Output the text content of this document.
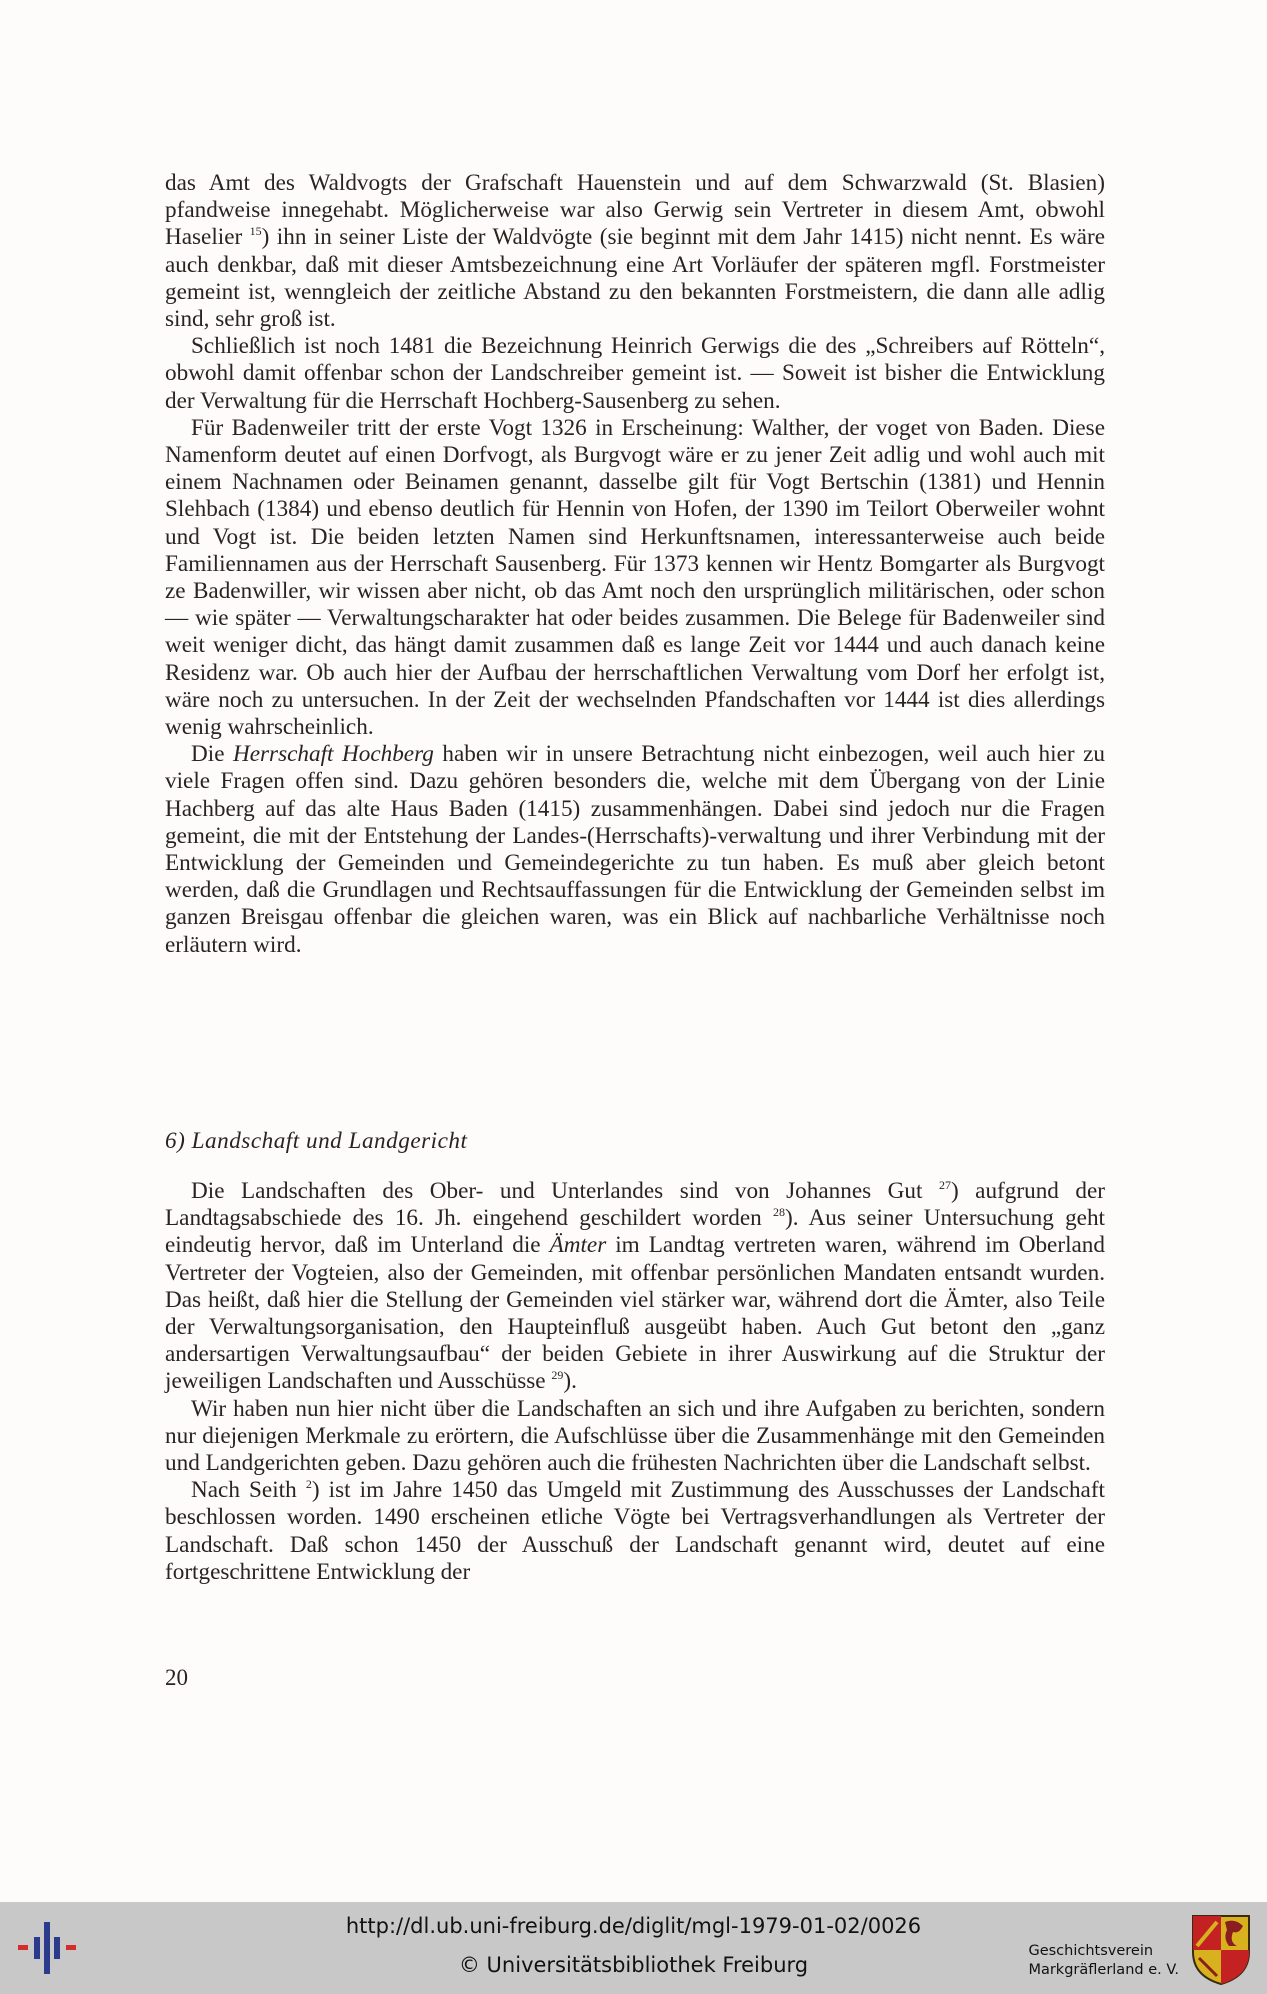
das Amt des Waldvogts der Grafschaft Hauenstein und auf dem Schwarzwald (St. Blasien) pfandweise innegehabt. Möglicherweise war also Gerwig sein Vertreter in diesem Amt, obwohl Haselier $^{15}$) ihn in seiner Liste der Waldvögte (sie beginnt mit dem Jahr 1415) nicht nennt. Es wäre auch denkbar, daß mit dieser Amtsbezeichnung eine Art Vorläufer der späteren mgfl. Forstmeister gemeint ist, wenngleich der zeitliche Abstand zu den bekannten Forstmeistern, die dann alle adlig sind, sehr groß ist.

Schließlich ist noch 1481 die Bezeichnung Heinrich Gerwigs die des „Schreibers auf Rötteln“, obwohl damit offenbar schon der Landschreiber gemeint ist. — Soweit ist bisher die Entwicklung der Verwaltung für die Herrschaft Hochberg-Sausenberg zu sehen.

Für Badenweiler tritt der erste Vogt 1326 in Erscheinung: Walther, der voget von Baden. Diese Namenform deutet auf einen Dorfvogt, als Burgvogt wäre er zu jener Zeit adlig und wohl auch mit einem Nachnamen oder Beinamen genannt, dasselbe gilt für Vogt Bertschin (1381) und Hennin Slehbach (1384) und ebenso deutlich für Hennin von Hofen, der 1390 im Teilort Oberweiler wohnt und Vogt ist. Die beiden letzten Namen sind Herkunftsnamen, interessanterweise auch beide Familiennamen aus der Herrschaft Sausenberg. Für 1373 kennen wir Hentz Bomgarter als Burgvogt ze Badenwiller, wir wissen aber nicht, ob das Amt noch den ursprünglich militärischen, oder schon — wie später — Verwaltungscharakter hat oder beides zusammen. Die Belege für Badenweiler sind weit weniger dicht, das hängt damit zusammen daß es lange Zeit vor 1444 und auch danach keine Residenz war. Ob auch hier der Aufbau der herrschaftlichen Verwaltung vom Dorf her erfolgt ist, wäre noch zu untersuchen. In der Zeit der wechselnden Pfandschaften vor 1444 ist dies allerdings wenig wahrscheinlich.

Die Herrschaft Hochberg haben wir in unsere Betrachtung nicht einbezogen, weil auch hier zu viele Fragen offen sind. Dazu gehören besonders die, welche mit dem Übergang von der Linie Hachberg auf das alte Haus Baden (1415) zusammenhängen. Dabei sind jedoch nur die Fragen gemeint, die mit der Entstehung der Landes-(Herrschafts)-verwaltung und ihrer Verbindung mit der Entwicklung der Gemeinden und Gemeindegerichte zu tun haben. Es muß aber gleich betont werden, daß die Grundlagen und Rechtsauffassungen für die Entwicklung der Gemeinden selbst im ganzen Breisgau offenbar die gleichen waren, was ein Blick auf nachbarliche Verhältnisse noch erläutern wird.

6) Landschaft und Landgericht

Die Landschaften des Ober- und Unterlandes sind von Johannes Gut $^{27}$) aufgrund der Landtagsabschiede des 16. Jh. eingehend geschildert worden $^{28}$). Aus seiner Untersuchung geht eindeutig hervor, daß im Unterland die Ämter im Landtag vertreten waren, während im Oberland Vertreter der Vogteien, also der Gemeinden, mit offenbar persönlichen Mandaten entsandt wurden. Das heißt, daß hier die Stellung der Gemeinden viel stärker war, während dort die Ämter, also Teile der Verwaltungsorganisation, den Haupteinfluß ausgeübt haben. Auch Gut betont den „ganz andersartigen Verwaltungsaufbau“ der beiden Gebiete in ihrer Auswirkung auf die Struktur der jeweiligen Landschaften und Ausschüsse $^{29}$).

Wir haben nun hier nicht über die Landschaften an sich und ihre Aufgaben zu berichten, sondern nur diejenigen Merkmale zu erörtern, die Aufschlüsse über die Zusammenhänge mit den Gemeinden und Landgerichten geben. Dazu gehören auch die frühesten Nachrichten über die Landschaft selbst.

Nach Seith $^2$) ist im Jahre 1450 das Umgeld mit Zustimmung des Ausschusses der Landschaft beschlossen worden. 1490 erscheinen etliche Vögte bei Vertragsverhandlungen als Vertreter der Landschaft. Daß schon 1450 der Ausschuß der Landschaft genannt wird, deutet auf eine fortgeschrittene Entwicklung der

20
http://dl.ub.uni-freiburg.de/diglit/mgl-1979-01-02/0026
© Universitätsbibliothek Freiburg
Geschichtsverein
Markgräflerland e. V.
